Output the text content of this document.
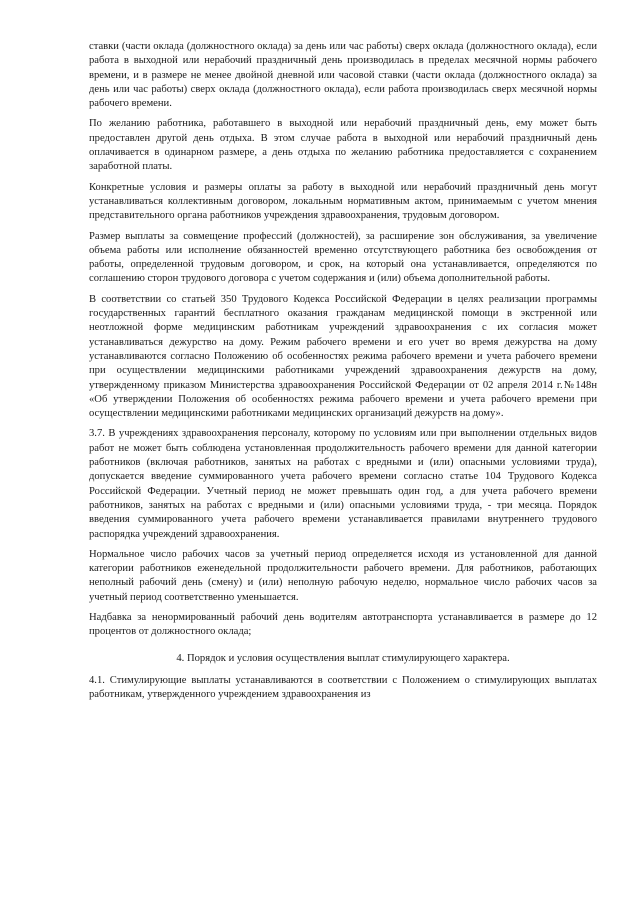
ставки (части оклада (должностного оклада) за день или час работы) сверх оклада (должностного оклада), если работа в выходной или нерабочий праздничный день производилась в пределах месячной нормы рабочего времени, и в размере не менее двойной дневной или часовой ставки (части оклада (должностного оклада) за день или час работы) сверх оклада (должностного оклада), если работа производилась сверх месячной нормы рабочего времени.

По желанию работника, работавшего в выходной или нерабочий праздничный день, ему может быть предоставлен другой день отдыха. В этом случае работа в выходной или нерабочий праздничный день оплачивается в одинарном размере, а день отдыха по желанию работника предоставляется с сохранением заработной платы.

Конкретные условия и размеры оплаты за работу в выходной или нерабочий праздничный день могут устанавливаться коллективным договором, локальным нормативным актом, принимаемым с учетом мнения представительного органа работников учреждения здравоохранения, трудовым договором.

Размер выплаты за совмещение профессий (должностей), за расширение зон обслуживания, за увеличение объема работы или исполнение обязанностей временно отсутствующего работника без освобождения от работы, определенной трудовым договором, и срок, на который она устанавливается, определяются по соглашению сторон трудового договора с учетом содержания и (или) объема дополнительной работы.

В соответствии со статьей 350 Трудового Кодекса Российской Федерации в целях реализации программы государственных гарантий бесплатного оказания гражданам медицинской помощи в экстренной или неотложной форме медицинским работникам учреждений здравоохранения с их согласия может устанавливаться дежурство на дому. Режим рабочего времени и его учет во время дежурства на дому устанавливаются согласно Положению об особенностях режима рабочего времени и учета рабочего времени при осуществлении медицинскими работниками учреждений здравоохранения дежурств на дому, утвержденному приказом Министерства здравоохранения Российской Федерации от 02 апреля 2014 г.№148н «Об утверждении Положения об особенностях режима рабочего времени и учета рабочего времени при осуществлении медицинскими работниками медицинских организаций дежурств на дому».

3.7. В учреждениях здравоохранения персоналу, которому по условиям или при выполнении отдельных видов работ не может быть соблюдена установленная продолжительность рабочего времени для данной категории работников (включая работников, занятых на работах с вредными и (или) опасными условиями труда), допускается введение суммированного учета рабочего времени согласно статье 104 Трудового Кодекса Российской Федерации. Учетный период не может превышать один год, а для учета рабочего времени работников, занятых на работах с вредными и (или) опасными условиями труда, - три месяца. Порядок введения суммированного учета рабочего времени устанавливается правилами внутреннего трудового распорядка учреждений здравоохранения.

Нормальное число рабочих часов за учетный период определяется исходя из установленной для данной категории работников еженедельной продолжительности рабочего времени. Для работников, работающих неполный рабочий день (смену) и (или) неполную рабочую неделю, нормальное число рабочих часов за учетный период соответственно уменьшается.

Надбавка за ненормированный рабочий день водителям автотранспорта устанавливается в размере до 12 процентов от должностного оклада;

4. Порядок и условия осуществления выплат стимулирующего характера.

4.1. Стимулирующие выплаты устанавливаются в соответствии с Положением о стимулирующих выплатах работникам, утвержденного учреждением здравоохранения из
